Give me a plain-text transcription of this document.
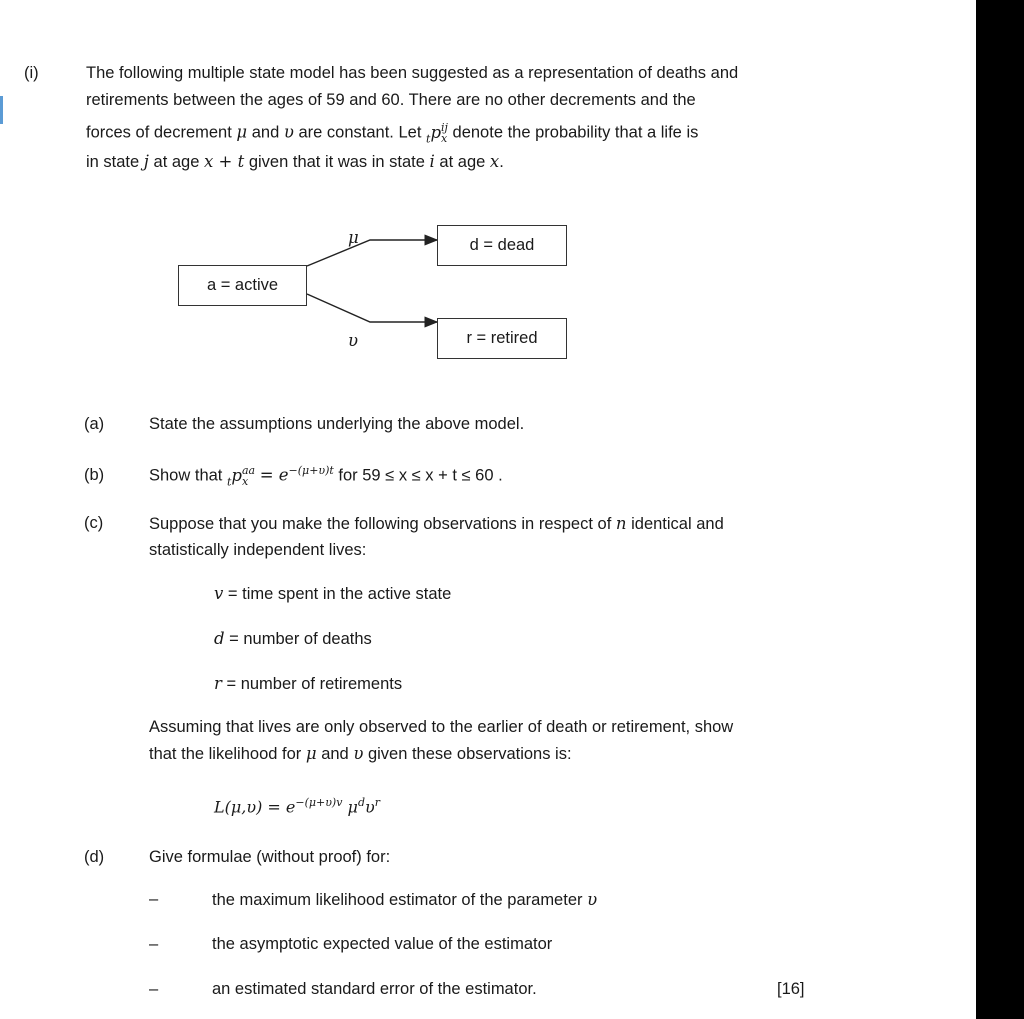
(i)	The following multiple state model has been suggested as a representation of deaths and
retirements between the ages of 59 and 60. There are no other decrements and the
forces of decrement μ and υ are constant. Let $_t$p ij
x denote the probability that a life is
in state j at age x + t given that it was in state i at age x.
a = active
d = dead
r = retired
μ
υ
(a)	State the assumptions underlying the above model.
(b)	Show that $_t$p aa
$x = e^{-(\mu+\upsilon)t}$ for 59 ≤ x ≤ x + t ≤ 60 .
(c)	Suppose that you make the following observations in respect of n identical and
statistically independent lives:
v = time spent in the active state
d = number of deaths
r = number of retirements
Assuming that lives are only observed to the earlier of death or retirement, show
that the likelihood for μ and υ given these observations is:
$L(\mu,\upsilon) = e^{-(\mu+\upsilon)v}$ $\mu^d\upsilon^r$
(d)	Give formulae (without proof) for:
–	the maximum likelihood estimator of the parameter υ
–	the asymptotic expected value of the estimator
–	an estimated standard error of the estimator.	[16]
